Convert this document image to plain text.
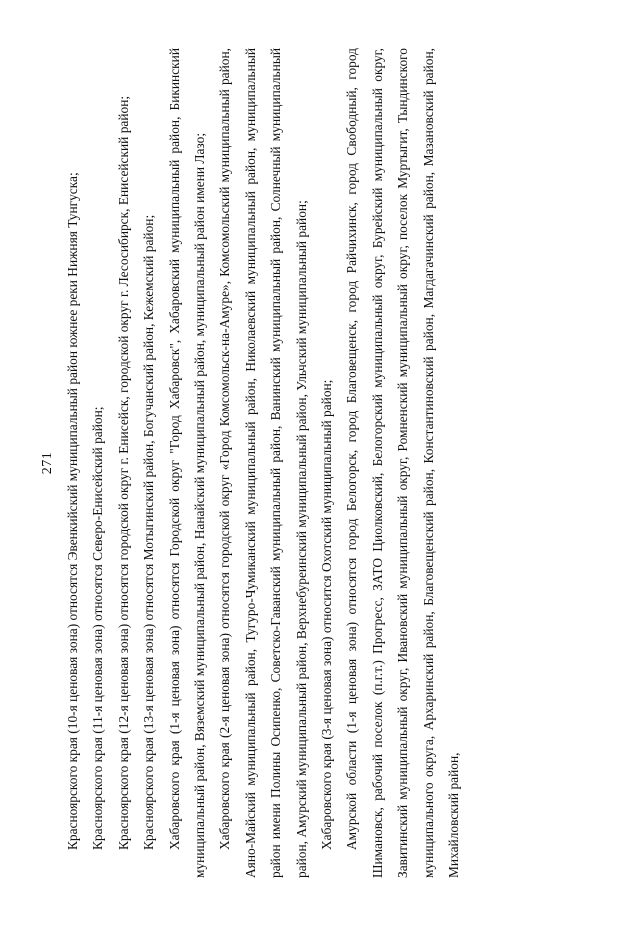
271 Красноярского края (10-я ценовая зона) относятся Эвенкийский муниципальный район южнее реки Нижняя Тунгуска; Красноярского края (11-я ценовая зона) относятся Северо-Енисейский район; Красноярского края (12-я ценовая зона) относятся городской округ г. Енисейск, городской округ г. Лесосибирск, Енисейский район; Красноярского края (13-я ценовая зона) относятся Мотыгинский район, Богучанский район, Кежемский район; Хабаровского края (1-я ценовая зона) относятся Городской округ "Город Хабаровск", Хабаровский муниципальный район, Бикинский муниципальный район, Вяземский муниципальный район, Нанайский муниципальный район, муниципальный район имени Лазо; Хабаровского края (2-я ценовая зона) относятся городской округ «Город Комсомольск-на-Амуре», Комсомольский муниципальный район, Аяно-Майский муниципальный район, Тугуро-Чумиканский муниципальный район, Николаевский муниципальный район, муниципальный район имени Полины Осипенко, Советско-Гаванский муниципальный район, Ванинский муниципальный район, Солнечный муниципальный район, Амурский муниципальный район, Верхнебуреинский муниципальный район, Ульчский муниципальный район; Хабаровского края (3-я ценовая зона) относится Охотский муниципальный район; Амурской области (1-я ценовая зона) относятся город Белогорск, город Благовещенск, город Райчихинск, город Свободный, город Шимановск, рабочий поселок (п.г.т.) Прогресс, ЗАТО Циолковский, Белогорский муниципальный округ, Бурейский муниципальный округ, Завитинский муниципальный округ, Ивановский муниципальный округ, Ромненский муниципальный округ, поселок Муртыгит, Тындинского муниципального округа, Архаринский район, Благовещенский район, Константиновский район, Магдагачинский район, Мазановский район, Михайловский район,
